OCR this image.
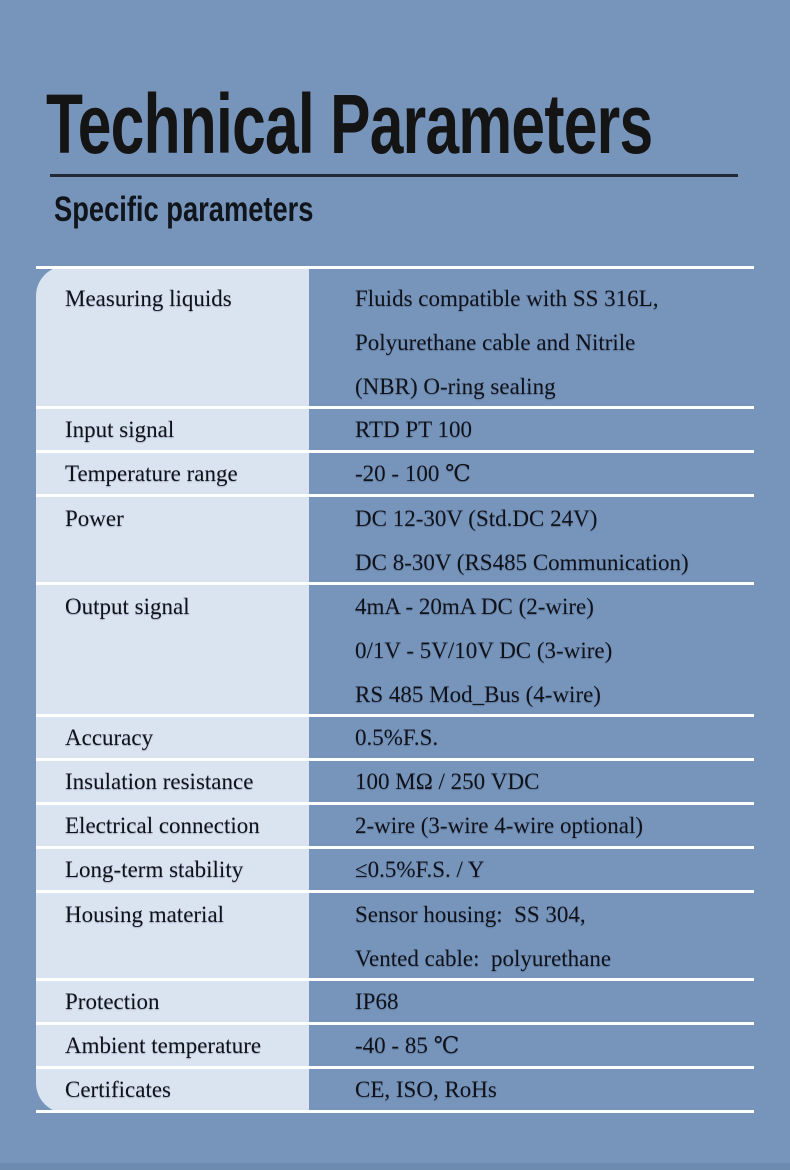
Technical Parameters
Specific parameters
Measuring liquids	Fluids compatible with SS 316L,
Polyurethane cable and Nitrile
(NBR) O-ring sealing
Input signal	RTD PT 100
Temperature range	-20 - 100 ℃
Power	DC 12-30V (Std.DC 24V)
DC 8-30V (RS485 Communication)
Output signal	4mA - 20mA DC (2-wire)
0/1V - 5V/10V DC (3-wire)
RS 485 Mod_Bus (4-wire)
Accuracy	0.5%F.S.
Insulation resistance	100 MΩ / 250 VDC
Electrical connection	2-wire (3-wire 4-wire optional)
Long-term stability	≤0.5%F.S. / Y
Housing material	Sensor housing:  SS 304,
Vented cable:  polyurethane
Protection	IP68
Ambient temperature	-40 - 85 ℃
Certificates	CE, ISO, RoHs
